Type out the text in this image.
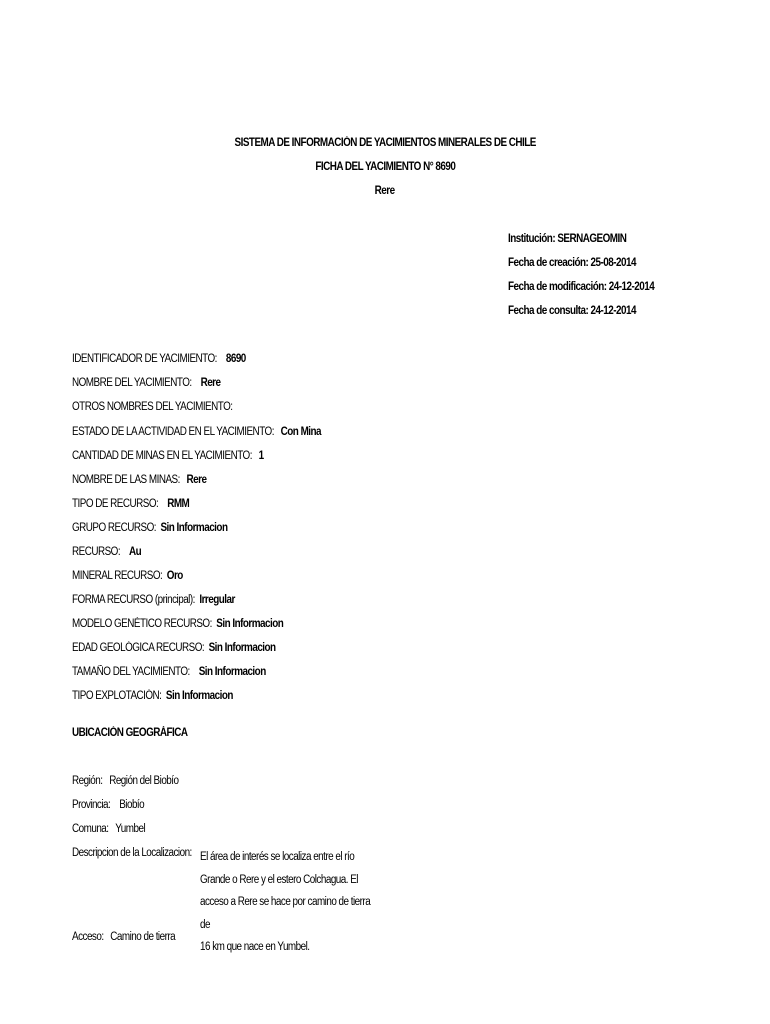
SISTEMA DE INFORMACIÓN DE YACIMIENTOS MINERALES DE CHILE
FICHA DEL YACIMIENTO N° 8690
Rere
Institución: SERNAGEOMIN
Fecha de creación: 25-08-2014
Fecha de modificación: 24-12-2014
Fecha de consulta: 24-12-2014
IDENTIFICADOR DE YACIMIENTO: 8690
NOMBRE DEL YACIMIENTO: Rere
OTROS NOMBRES DEL YACIMIENTO:
ESTADO DE LA ACTIVIDAD EN EL YACIMIENTO: Con Mina
CANTIDAD DE MINAS EN EL YACIMIENTO: 1
NOMBRE DE LAS MINAS: Rere
TIPO DE RECURSO: RMM
GRUPO RECURSO: Sin Informacion
RECURSO: Au
MINERAL RECURSO: Oro
FORMA RECURSO (principal): Irregular
MODELO GENÉTICO RECURSO: Sin Informacion
EDAD GEOLÓGICA RECURSO: Sin Informacion
TAMAÑO DEL YACIMIENTO: Sin Informacion
TIPO EXPLOTACIÓN: Sin Informacion
UBICACIÓN GEOGRÁFICA
Región: Región del Biobío
Provincia: Biobío
Comuna: Yumbel
Descripcion de la Localizacion: El área de interés se localiza entre el río
Grande o Rere y el estero Colchagua. El
acceso a Rere se hace por camino de tierra de
16 km que nace en Yumbel.
Acceso: Camino de tierra
